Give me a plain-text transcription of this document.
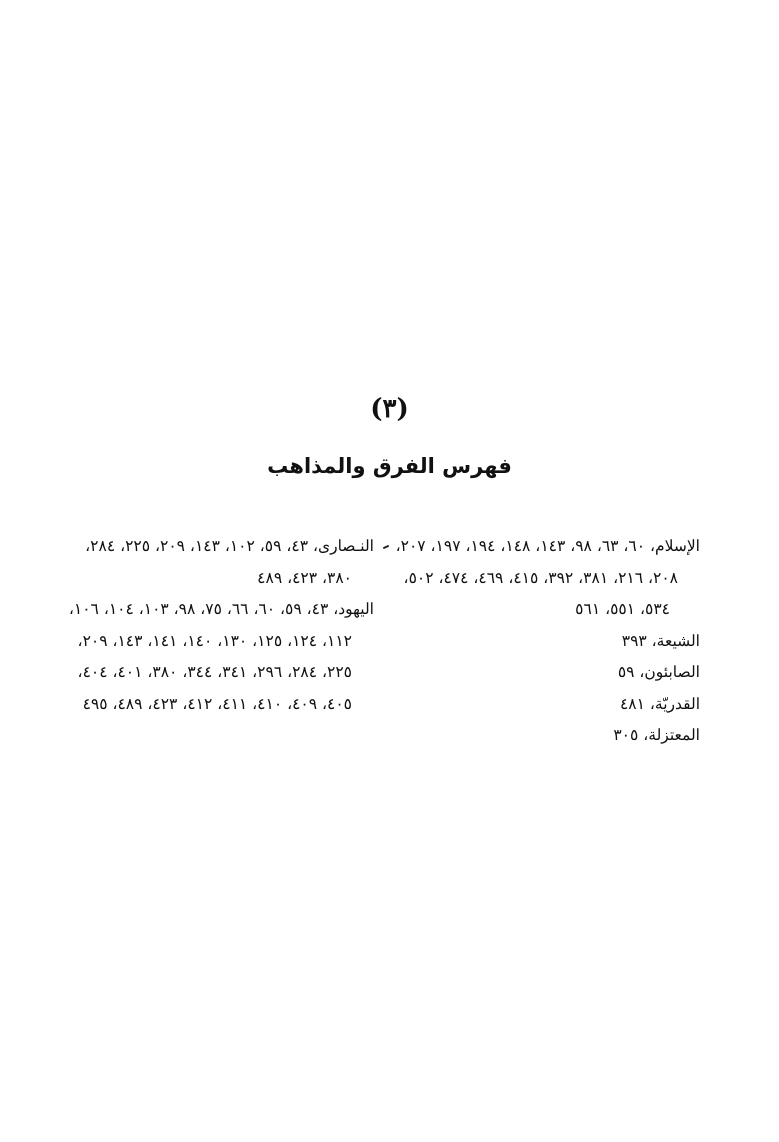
(٣)
فهرس الفرق والمذاهب
الإسلام، ٦٠، ٦٣، ٩٨، ١٤٣، ١٤٨، ١٩٤، ١٩٧، ٢٠٧،
٢٠٨، ٢١٦، ٣٨١، ٣٩٢، ٤١٥، ٤٦٩، ٤٧٤، ٥٠٢،
٥٣٤، ٥٥١، ٥٦١
الشيعة، ٣٩٣
الصابئون، ٥٩
القدريّة، ٤٨١
المعتزلة، ٣٠٥
النـصارى، ٤٣، ٥٩، ١٠٢، ١٤٣، ٢٠٩، ٢٢٥، ٢٨٤،
٣٨٠، ٤٢٣، ٤٨٩
اليهود، ٤٣، ٥٩، ٦٠، ٦٦، ٧٥، ٩٨، ١٠٣، ١٠٤، ١٠٦،
١١٢، ١٢٤، ١٢٥، ١٣٠، ١٤٠، ١٤١، ١٤٣، ٢٠٩،
٢٢٥، ٢٨٤، ٢٩٦، ٣٤١، ٣٤٤، ٣٨٠، ٤٠١، ٤٠٤،
٤٠٥، ٤٠٩، ٤١٠، ٤١١، ٤١٢، ٤٢٣، ٤٨٩، ٤٩٥
